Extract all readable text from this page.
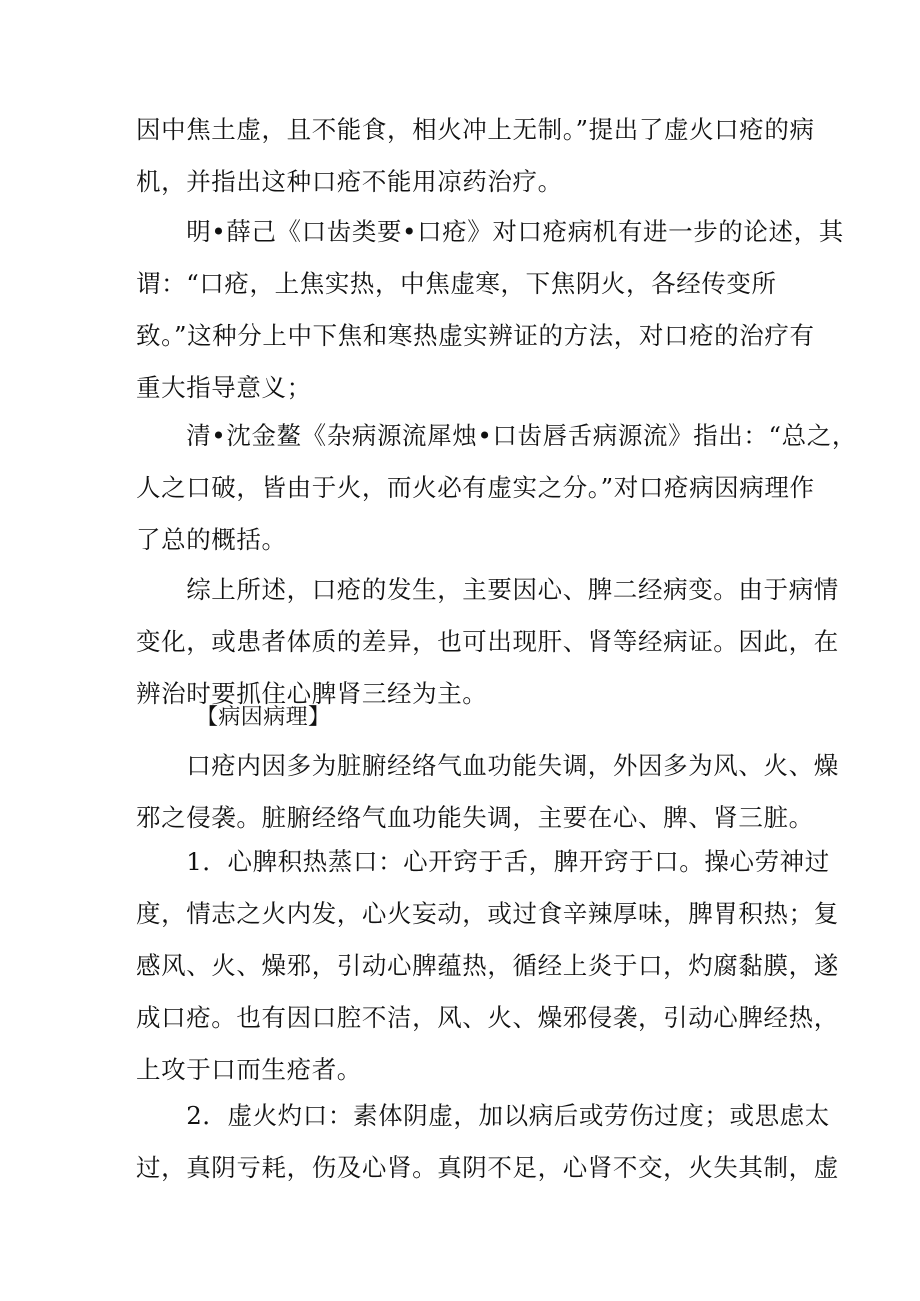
因中焦土虚，且不能食，相火冲上无制。”提出了虚火口疮的病
机，并指出这种口疮不能用凉药治疗。
　　明•薛己《口齿类要•口疮》对口疮病机有进一步的论述，其
谓：“口疮，上焦实热，中焦虚寒，下焦阴火，各经传变所
致。”这种分上中下焦和寒热虚实辨证的方法，对口疮的治疗有
重大指导意义；
　　清•沈金鳌《杂病源流犀烛•口齿唇舌病源流》指出：“总之，
人之口破，皆由于火，而火必有虚实之分。”对口疮病因病理作
了总的概括。
　　综上所述，口疮的发生，主要因心、脾二经病变。由于病情
变化，或患者体质的差异，也可出现肝、肾等经病证。因此，在
辨治时要抓住心脾肾三经为主。
【病因病理】
　　口疮内因多为脏腑经络气血功能失调，外因多为风、火、燥
邪之侵袭。脏腑经络气血功能失调，主要在心、脾、肾三脏。
　　1．心脾积热蒸口：心开窍于舌，脾开窍于口。操心劳神过
度，情志之火内发，心火妄动，或过食辛辣厚味，脾胃积热；复
感风、火、燥邪，引动心脾蕴热，循经上炎于口，灼腐黏膜，遂
成口疮。也有因口腔不洁，风、火、燥邪侵袭，引动心脾经热，
上攻于口而生疮者。
　　2．虚火灼口：素体阴虚，加以病后或劳伤过度；或思虑太
过，真阴亏耗，伤及心肾。真阴不足，心肾不交，火失其制，虚
